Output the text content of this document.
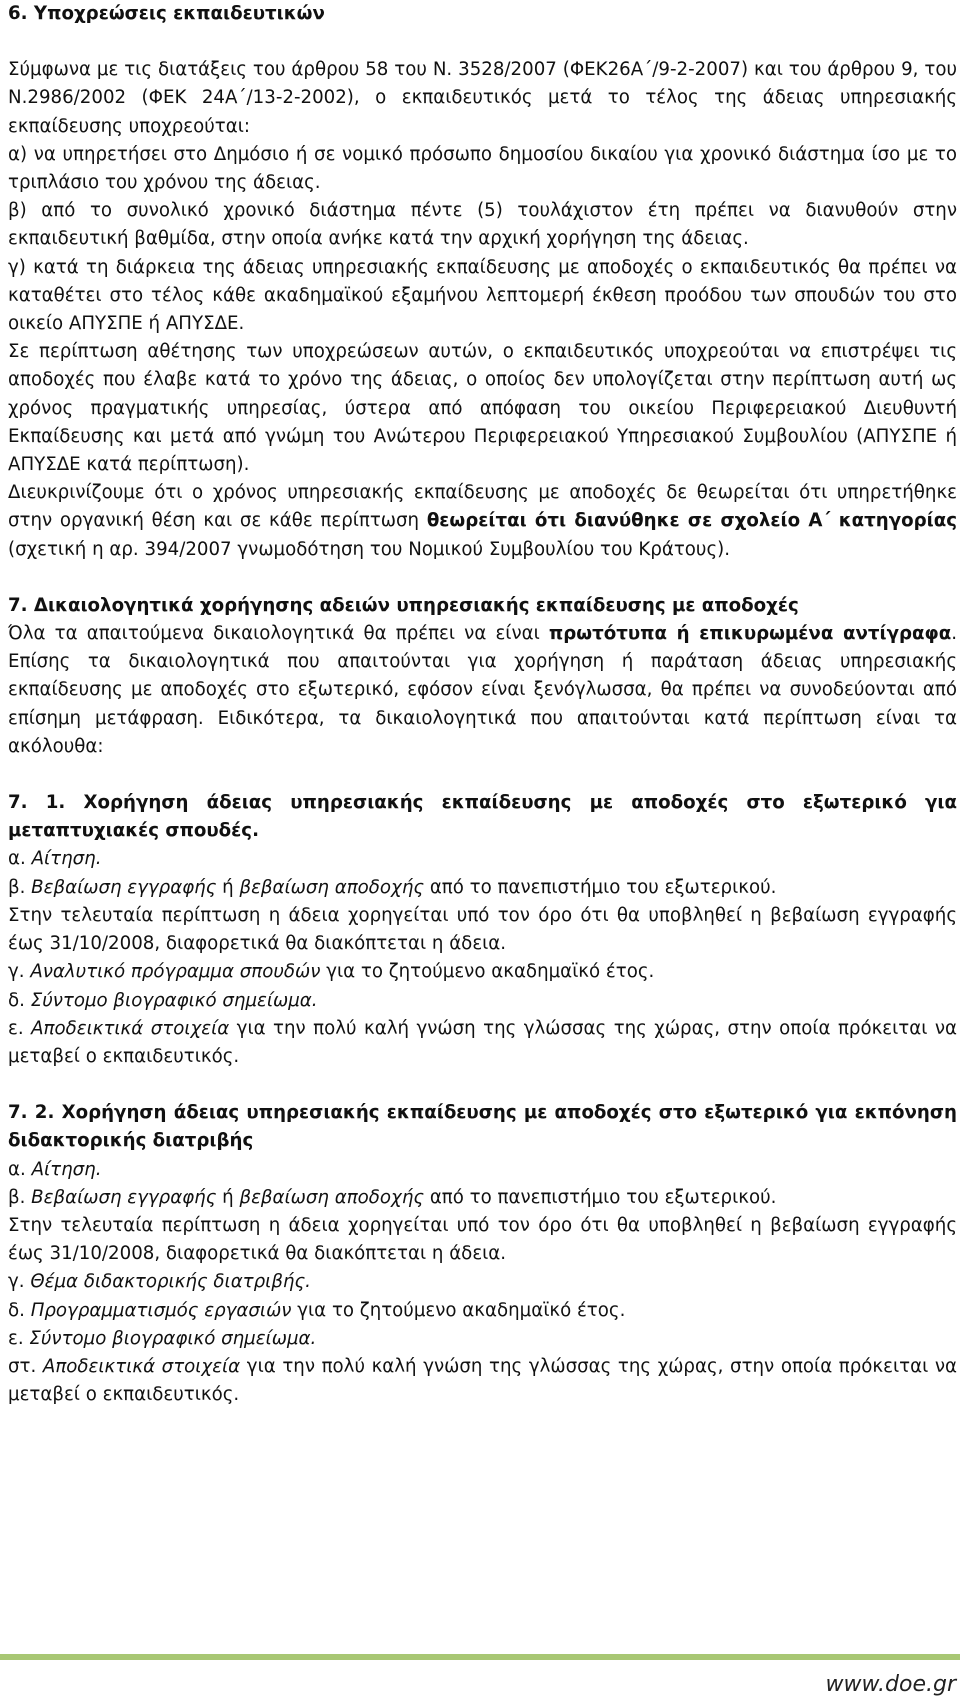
6. Υποχρεώσεις εκπαιδευτικών

Σύμφωνα με τις διατάξεις του άρθρου 58 του Ν. 3528/2007 (ΦΕΚ26Α΄/9-2-2007) και του άρθρου 9, του Ν.2986/2002 (ΦΕΚ 24Α΄/13-2-2002), ο εκπαιδευτικός μετά το τέλος της άδειας υπηρεσιακής εκπαίδευσης υποχρεούται:

α) να υπηρετήσει στο Δημόσιο ή σε νομικό πρόσωπο δημοσίου δικαίου για χρονικό διάστημα ίσο με το τριπλάσιο του χρόνου της άδειας.

β) από το συνολικό χρονικό διάστημα πέντε (5) τουλάχιστον έτη πρέπει να διανυθούν στην εκπαιδευτική βαθμίδα, στην οποία ανήκε κατά την αρχική χορήγηση της άδειας.

γ) κατά τη διάρκεια της άδειας υπηρεσιακής εκπαίδευσης με αποδοχές ο εκπαιδευτικός θα πρέπει να καταθέτει στο τέλος κάθε ακαδημαϊκού εξαμήνου λεπτομερή έκθεση προόδου των σπουδών του στο οικείο ΑΠΥΣΠΕ ή ΑΠΥΣΔΕ.

Σε περίπτωση αθέτησης των υποχρεώσεων αυτών, ο εκπαιδευτικός υποχρεούται να επιστρέψει τις αποδοχές που έλαβε κατά το χρόνο της άδειας, ο οποίος δεν υπολογίζεται στην περίπτωση αυτή ως χρόνος πραγματικής υπηρεσίας, ύστερα από απόφαση του οικείου Περιφερειακού Διευθυντή Εκπαίδευσης και μετά από γνώμη του Ανώτερου Περιφερειακού Υπηρεσιακού Συμβουλίου (ΑΠΥΣΠΕ ή ΑΠΥΣΔΕ κατά περίπτωση).

Διευκρινίζουμε ότι ο χρόνος υπηρεσιακής εκπαίδευσης με αποδοχές δε θεωρείται ότι υπηρετήθηκε στην οργανική θέση και σε κάθε περίπτωση θεωρείται ότι διανύθηκε σε σχολείο Α΄ κατηγορίας (σχετική η αρ. 394/2007 γνωμοδότηση του Νομικού Συμβουλίου του Κράτους).

7. Δικαιολογητικά χορήγησης αδειών υπηρεσιακής εκπαίδευσης με αποδοχές

Όλα τα απαιτούμενα δικαιολογητικά θα πρέπει να είναι πρωτότυπα ή επικυρωμένα αντίγραφα. Επίσης τα δικαιολογητικά που απαιτούνται για χορήγηση ή παράταση άδειας υπηρεσιακής εκπαίδευσης με αποδοχές στο εξωτερικό, εφόσον είναι ξενόγλωσσα, θα πρέπει να συνοδεύονται από επίσημη μετάφραση. Ειδικότερα, τα δικαιολογητικά που απαιτούνται κατά περίπτωση είναι τα ακόλουθα:

7. 1. Χορήγηση άδειας υπηρεσιακής εκπαίδευσης με αποδοχές στο εξωτερικό για μεταπτυχιακές σπουδές.

α. Αίτηση.

β. Βεβαίωση εγγραφής ή βεβαίωση αποδοχής από το πανεπιστήμιο του εξωτερικού.

Στην τελευταία περίπτωση η άδεια χορηγείται υπό τον όρο ότι θα υποβληθεί η βεβαίωση εγγραφής έως 31/10/2008, διαφορετικά θα διακόπτεται η άδεια.

γ. Αναλυτικό πρόγραμμα σπουδών για το ζητούμενο ακαδημαϊκό έτος.

δ. Σύντομο βιογραφικό σημείωμα.

ε. Αποδεικτικά στοιχεία για την πολύ καλή γνώση της γλώσσας της χώρας, στην οποία πρόκειται να μεταβεί ο εκπαιδευτικός.

7. 2. Χορήγηση άδειας υπηρεσιακής εκπαίδευσης με αποδοχές στο εξωτερικό για εκπόνηση διδακτορικής διατριβής

α. Αίτηση.

β. Βεβαίωση εγγραφής ή βεβαίωση αποδοχής από το πανεπιστήμιο του εξωτερικού.

Στην τελευταία περίπτωση η άδεια χορηγείται υπό τον όρο ότι θα υποβληθεί η βεβαίωση εγγραφής έως 31/10/2008, διαφορετικά θα διακόπτεται η άδεια.

γ. Θέμα διδακτορικής διατριβής.

δ. Προγραμματισμός εργασιών για το ζητούμενο ακαδημαϊκό έτος.

ε. Σύντομο βιογραφικό σημείωμα.

στ. Αποδεικτικά στοιχεία για την πολύ καλή γνώση της γλώσσας της χώρας, στην οποία πρόκειται να μεταβεί ο εκπαιδευτικός.

www.doe.gr
